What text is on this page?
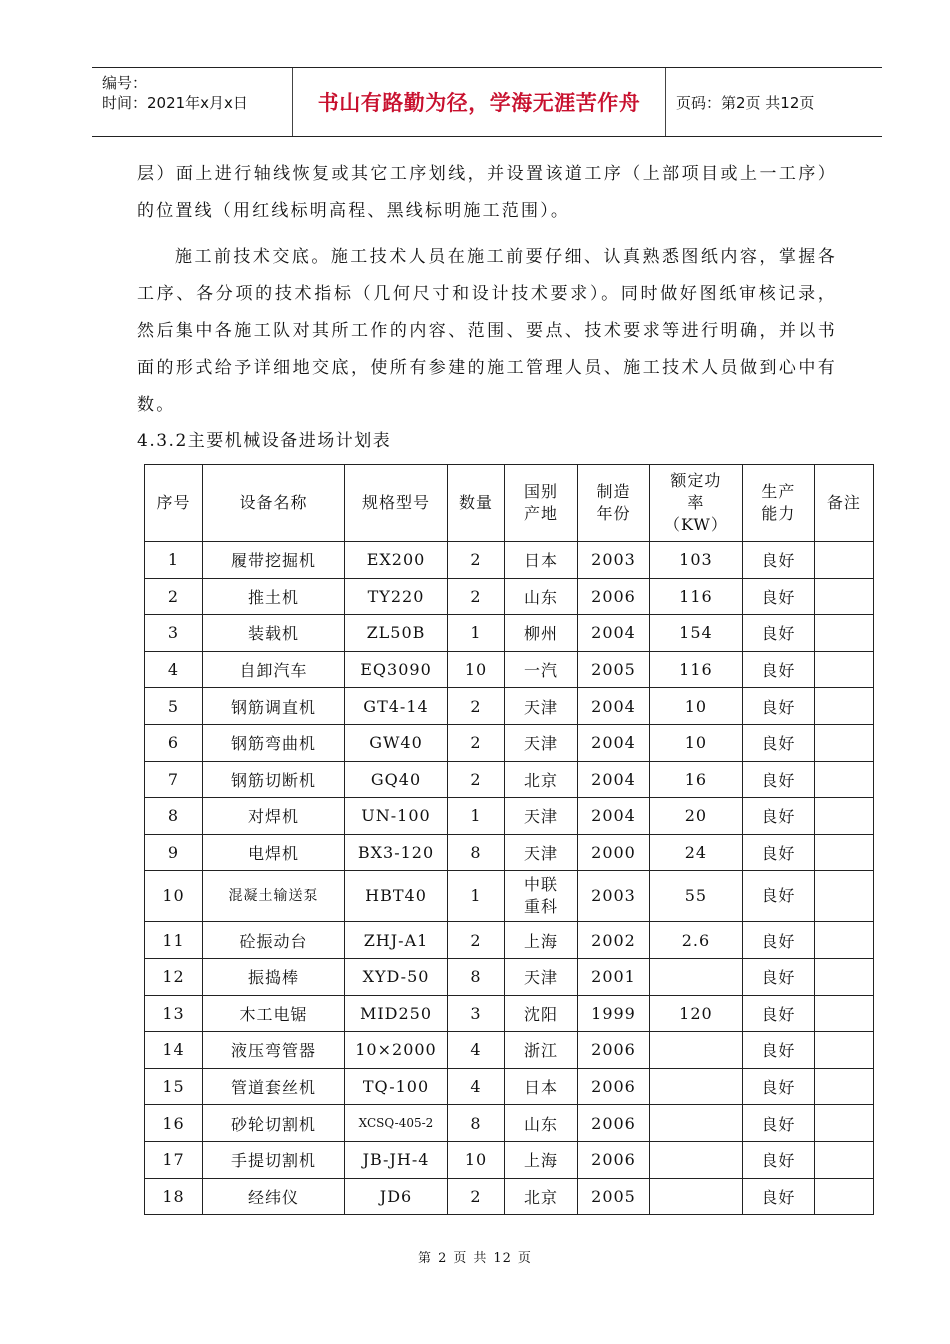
编号：
时间：2021年x月x日	书山有路勤为径，学海无涯苦作舟	页码：第2页 共12页
层）面上进行轴线恢复或其它工序划线，并设置该道工序（上部项目或上一工序）的位置线（用红线标明高程、黑线标明施工范围）。
施工前技术交底。施工技术人员在施工前要仔细、认真熟悉图纸内容，掌握各工序、各分项的技术指标（几何尺寸和设计技术要求）。同时做好图纸审核记录，然后集中各施工队对其所工作的内容、范围、要点、技术要求等进行明确，并以书面的形式给予详细地交底，使所有参建的施工管理人员、施工技术人员做到心中有数。
4.3.2主要机械设备进场计划表
序号	设备名称	规格型号	数量	国别产地	制造年份	额定功率（KW）	生产能力	备注
1	履带挖掘机	EX200	2	日本	2003	103	良好	
2	推土机	TY220	2	山东	2006	116	良好	
3	装载机	ZL50B	1	柳州	2004	154	良好	
4	自卸汽车	EQ3090	10	一汽	2005	116	良好	
5	钢筋调直机	GT4-14	2	天津	2004	10	良好	
6	钢筋弯曲机	GW40	2	天津	2004	10	良好	
7	钢筋切断机	GQ40	2	北京	2004	16	良好	
8	对焊机	UN-100	1	天津	2004	20	良好	
9	电焊机	BX3-120	8	天津	2000	24	良好	
10	混凝土输送泵	HBT40	1	中联重科	2003	55	良好	
11	砼振动台	ZHJ-A1	2	上海	2002	2.6	良好	
12	振捣棒	XYD-50	8	天津	2001		良好	
13	木工电锯	MID250	3	沈阳	1999	120	良好	
14	液压弯管器	10×2000	4	浙江	2006		良好	
15	管道套丝机	TQ-100	4	日本	2006		良好	
16	砂轮切割机	XCSQ-405-2	8	山东	2006		良好	
17	手提切割机	JB-JH-4	10	上海	2006		良好	
18	经纬仪	JD6	2	北京	2005		良好	
第 2 页 共 12 页
